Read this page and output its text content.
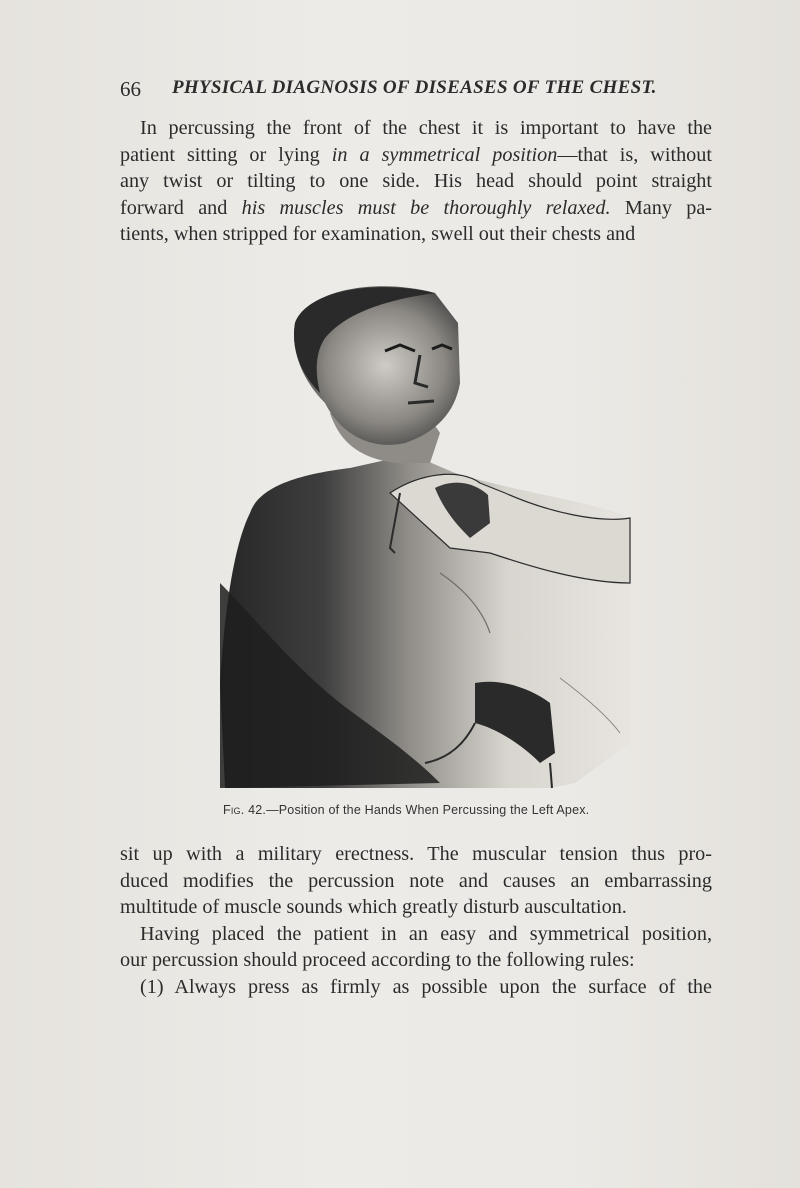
66 PHYSICAL DIAGNOSIS OF DISEASES OF THE CHEST.
In percussing the front of the chest it is important to have the
patient sitting or lying in a symmetrical position—that is, without
any twist or tilting to one side. His head should point straight
forward and his muscles must be thoroughly relaxed. Many pa-
tients, when stripped for examination, swell out their chests and
Fig. 42.—Position of the Hands When Percussing the Left Apex.
sit up with a military erectness. The muscular tension thus pro-
duced modifies the percussion note and causes an embarrassing
multitude of muscle sounds which greatly disturb auscultation.
Having placed the patient in an easy and symmetrical position,
our percussion should proceed according to the following rules:
(1) Always press as firmly as possible upon the surface of the
